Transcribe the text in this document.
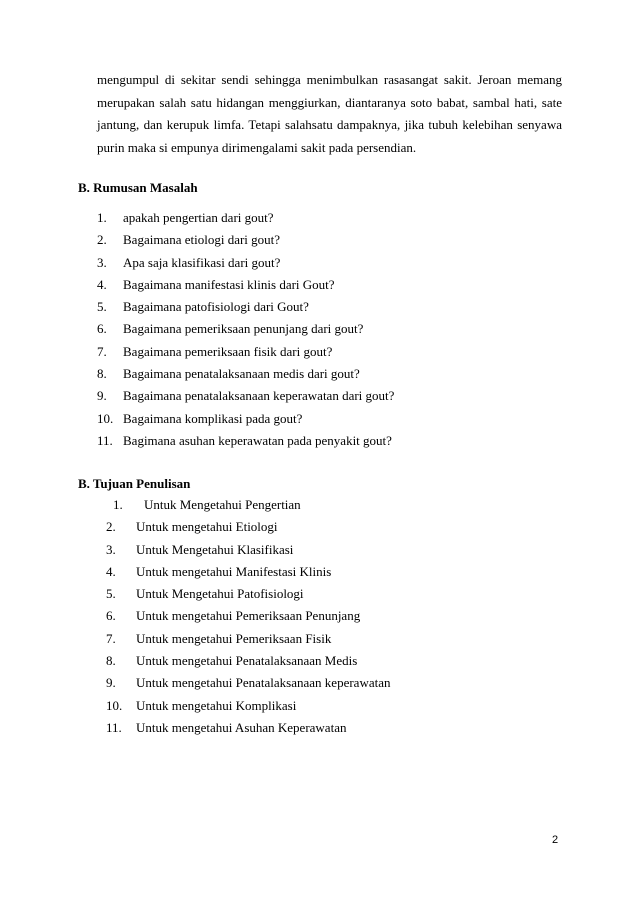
mengumpul di sekitar sendi sehingga menimbulkan rasasangat sakit. Jeroan memang
merupakan salah satu hidangan menggiurkan, diantaranya soto babat, sambal hati, sate
jantung, dan kerupuk limfa. Tetapi salahsatu dampaknya, jika tubuh kelebihan senyawa
purin maka si empunya dirimengalami sakit pada persendian.
B. Rumusan Masalah
1. apakah pengertian dari gout?
2. Bagaimana etiologi dari gout?
3. Apa saja klasifikasi dari gout?
4. Bagaimana manifestasi klinis dari Gout?
5. Bagaimana patofisiologi dari Gout?
6. Bagaimana pemeriksaan penunjang dari gout?
7. Bagaimana pemeriksaan fisik dari gout?
8. Bagaimana penatalaksanaan medis dari gout?
9. Bagaimana penatalaksanaan keperawatan dari gout?
10. Bagaimana komplikasi pada gout?
11. Bagimana asuhan keperawatan pada penyakit gout?
B. Tujuan Penulisan
1. Untuk Mengetahui Pengertian
2. Untuk mengetahui Etiologi
3. Untuk Mengetahui Klasifikasi
4. Untuk mengetahui Manifestasi Klinis
5. Untuk Mengetahui Patofisiologi
6. Untuk mengetahui Pemeriksaan Penunjang
7. Untuk mengetahui Pemeriksaan Fisik
8. Untuk mengetahui Penatalaksanaan Medis
9. Untuk mengetahui Penatalaksanaan keperawatan
10. Untuk mengetahui Komplikasi
11. Untuk mengetahui Asuhan Keperawatan
2
